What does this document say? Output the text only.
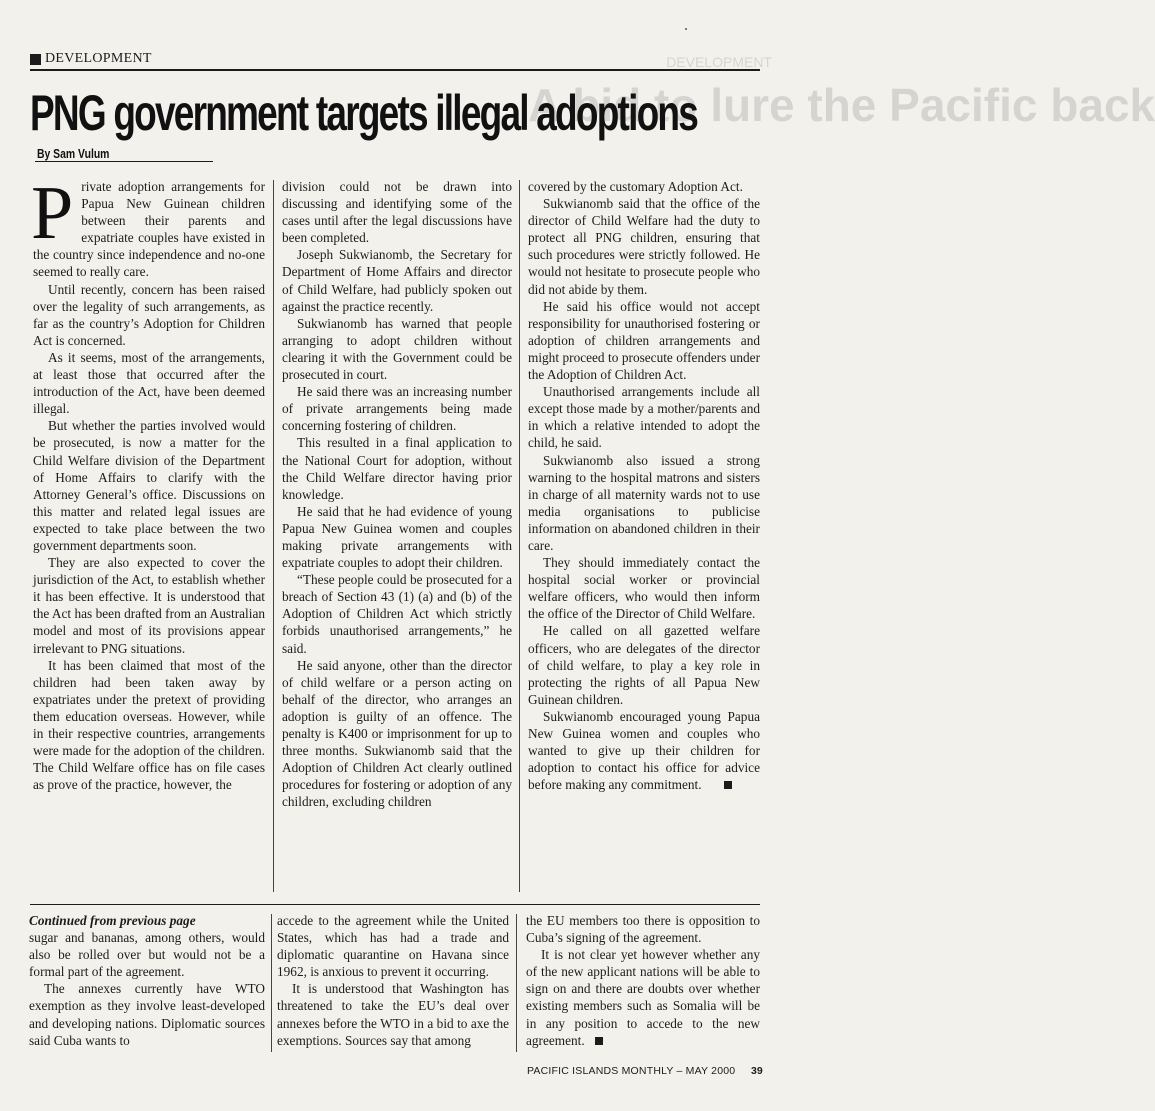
DEVELOPMENT
A bid to lure the Pacific back
DEVELOPMENT
PNG government targets illegal adoptions
By Sam Vulum

Private adoption arrangements for Papua New Guinean children between their parents and expatriate couples have existed in the country since independence and no-one seemed to really care.

Until recently, concern has been raised over the legality of such arrangements, as far as the country’s Adoption for Children Act is concerned.

As it seems, most of the arrangements, at least those that occurred after the introduction of the Act, have been deemed illegal.

But whether the parties involved would be prosecuted, is now a matter for the Child Welfare division of the Department of Home Affairs to clarify with the Attorney General’s office. Discussions on this matter and related legal issues are expected to take place between the two government departments soon.

They are also expected to cover the jurisdiction of the Act, to establish whether it has been effective. It is understood that the Act has been drafted from an Australian model and most of its provisions appear irrelevant to PNG situations.

It has been claimed that most of the children had been taken away by expatriates under the pretext of providing them education overseas. However, while in their respective countries, arrangements were made for the adoption of the children. The Child Welfare office has on file cases as prove of the practice, however, the

division could not be drawn into discussing and identifying some of the cases until after the legal discussions have been completed.

Joseph Sukwianomb, the Secretary for Department of Home Affairs and director of Child Welfare, had publicly spoken out against the practice recently.

Sukwianomb has warned that people arranging to adopt children without clearing it with the Government could be prosecuted in court.

He said there was an increasing number of private arrangements being made concerning fostering of children.

This resulted in a final application to the National Court for adoption, without the Child Welfare director having prior knowledge.

He said that he had evidence of young Papua New Guinea women and couples making private arrangements with expatriate couples to adopt their children.

“These people could be prosecuted for a breach of Section 43 (1) (a) and (b) of the Adoption of Children Act which strictly forbids unauthorised arrangements,” he said.

He said anyone, other than the director of child welfare or a person acting on behalf of the director, who arranges an adoption is guilty of an offence. The penalty is K400 or imprisonment for up to three months. Sukwianomb said that the Adoption of Children Act clearly outlined procedures for fostering or adoption of any children, excluding children

covered by the customary Adoption Act.

Sukwianomb said that the office of the director of Child Welfare had the duty to protect all PNG children, ensuring that such procedures were strictly followed. He would not hesitate to prosecute people who did not abide by them.

He said his office would not accept responsibility for unauthorised fostering or adoption of children arrangements and might proceed to prosecute offenders under the Adoption of Children Act.

Unauthorised arrangements include all except those made by a mother/parents and in which a relative intended to adopt the child, he said.

Sukwianomb also issued a strong warning to the hospital matrons and sisters in charge of all maternity wards not to use media organisations to publicise information on abandoned children in their care.

They should immediately contact the hospital social worker or provincial welfare officers, who would then inform the office of the Director of Child Welfare.

He called on all gazetted welfare officers, who are delegates of the director of child welfare, to play a key role in protecting the rights of all Papua New Guinean children.

Sukwianomb encouraged young Papua New Guinea women and couples who wanted to give up their children for adoption to contact his office for advice before making any commitment.

Continued from previous page

sugar and bananas, among others, would also be rolled over but would not be a formal part of the agreement.

The annexes currently have WTO exemption as they involve least-developed and developing nations. Diplomatic sources said Cuba wants to

accede to the agreement while the United States, which has had a trade and diplomatic quarantine on Havana since 1962, is anxious to prevent it occurring.

It is understood that Washington has threatened to take the EU’s deal over annexes before the WTO in a bid to axe the exemptions. Sources say that among

the EU members too there is opposition to Cuba’s signing of the agreement.

It is not clear yet however whether any of the new applicant nations will be able to sign on and there are doubts over whether existing members such as Somalia will be in any position to accede to the new agreement.

PACIFIC ISLANDS MONTHLY – MAY 2000 39
